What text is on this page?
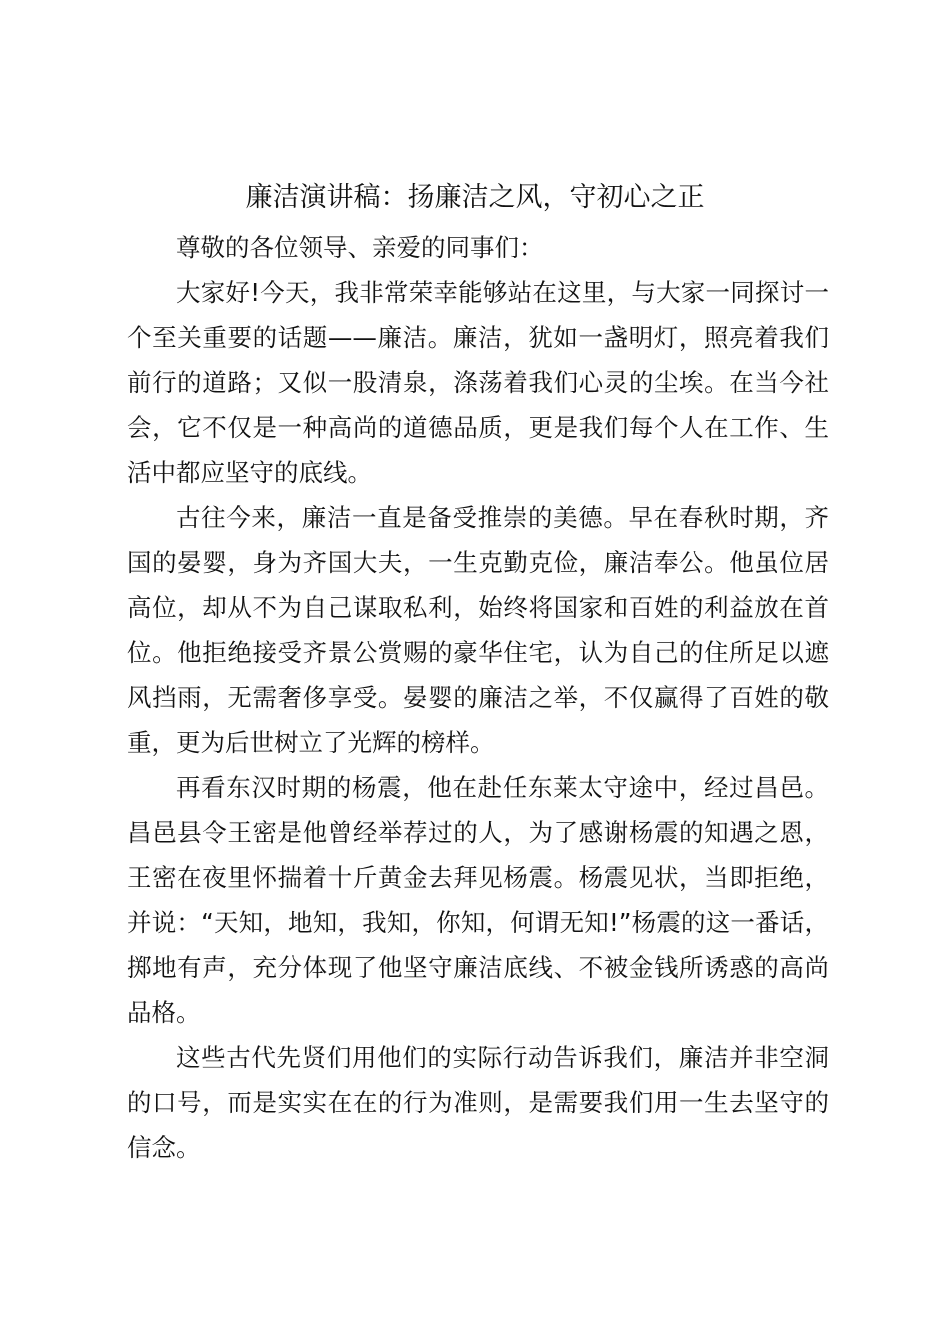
廉洁演讲稿：扬廉洁之风，守初心之正

尊敬的各位领导、亲爱的同事们：

大家好!今天，我非常荣幸能够站在这里，与大家一同探讨一个至关重要的话题——廉洁。廉洁，犹如一盏明灯，照亮着我们前行的道路；又似一股清泉，涤荡着我们心灵的尘埃。在当今社会，它不仅是一种高尚的道德品质，更是我们每个人在工作、生活中都应坚守的底线。

古往今来，廉洁一直是备受推崇的美德。早在春秋时期，齐国的晏婴，身为齐国大夫，一生克勤克俭，廉洁奉公。他虽位居高位，却从不为自己谋取私利，始终将国家和百姓的利益放在首位。他拒绝接受齐景公赏赐的豪华住宅，认为自己的住所足以遮风挡雨，无需奢侈享受。晏婴的廉洁之举，不仅赢得了百姓的敬重，更为后世树立了光辉的榜样。

再看东汉时期的杨震，他在赴任东莱太守途中，经过昌邑。昌邑县令王密是他曾经举荐过的人，为了感谢杨震的知遇之恩，王密在夜里怀揣着十斤黄金去拜见杨震。杨震见状，当即拒绝，并说：“天知，地知，我知，你知，何谓无知!”杨震的这一番话，掷地有声，充分体现了他坚守廉洁底线、不被金钱所诱惑的高尚品格。

这些古代先贤们用他们的实际行动告诉我们，廉洁并非空洞的口号，而是实实在在的行为准则，是需要我们用一生去坚守的信念。
